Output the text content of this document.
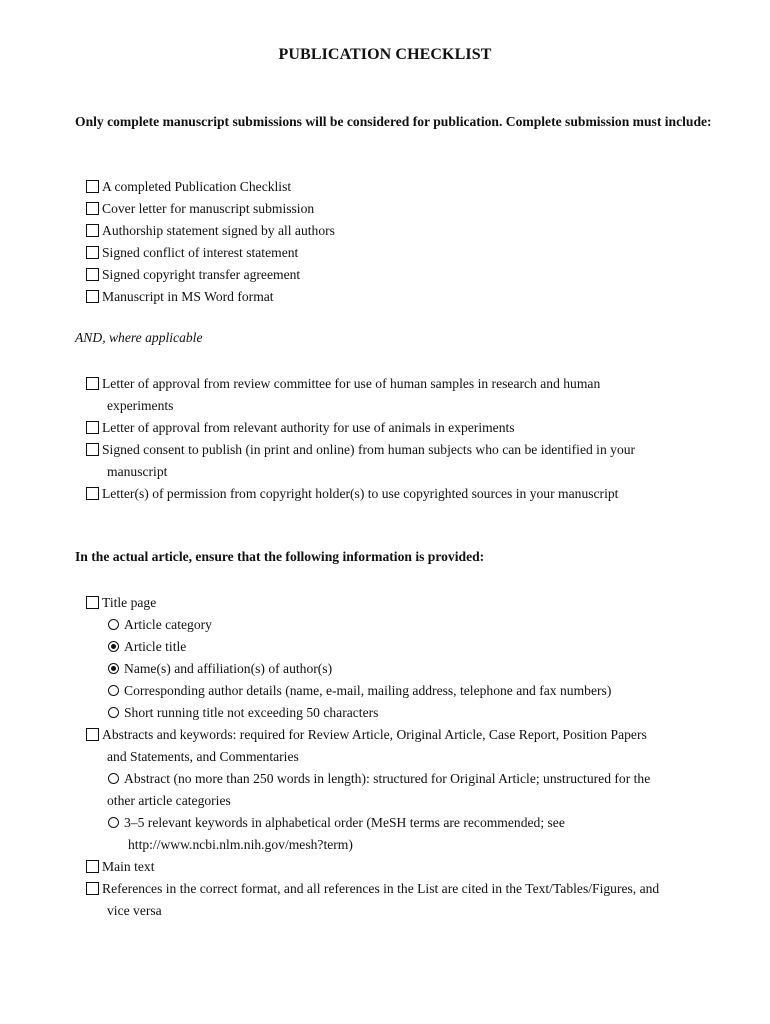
PUBLICATION CHECKLIST
Only complete manuscript submissions will be considered for publication. Complete submission must include:
A completed Publication Checklist
Cover letter for manuscript submission
Authorship statement signed by all authors
Signed conflict of interest statement
Signed copyright transfer agreement
Manuscript in MS Word format
AND, where applicable
Letter of approval from review committee for use of human samples in research and human
experiments
Letter of approval from relevant authority for use of animals in experiments
Signed consent to publish (in print and online) from human subjects who can be identified in your
manuscript
Letter(s) of permission from copyright holder(s) to use copyrighted sources in your manuscript
In the actual article, ensure that the following information is provided:
Title page
Article category
Article title
Name(s) and affiliation(s) of author(s)
Corresponding author details (name, e-mail, mailing address, telephone and fax numbers)
Short running title not exceeding 50 characters
Abstracts and keywords: required for Review Article, Original Article, Case Report, Position Papers
and Statements, and Commentaries
Abstract (no more than 250 words in length): structured for Original Article; unstructured for the
other article categories
3–5 relevant keywords in alphabetical order (MeSH terms are recommended; see
http://www.ncbi.nlm.nih.gov/mesh?term)
Main text
References in the correct format, and all references in the List are cited in the Text/Tables/Figures, and
vice versa
